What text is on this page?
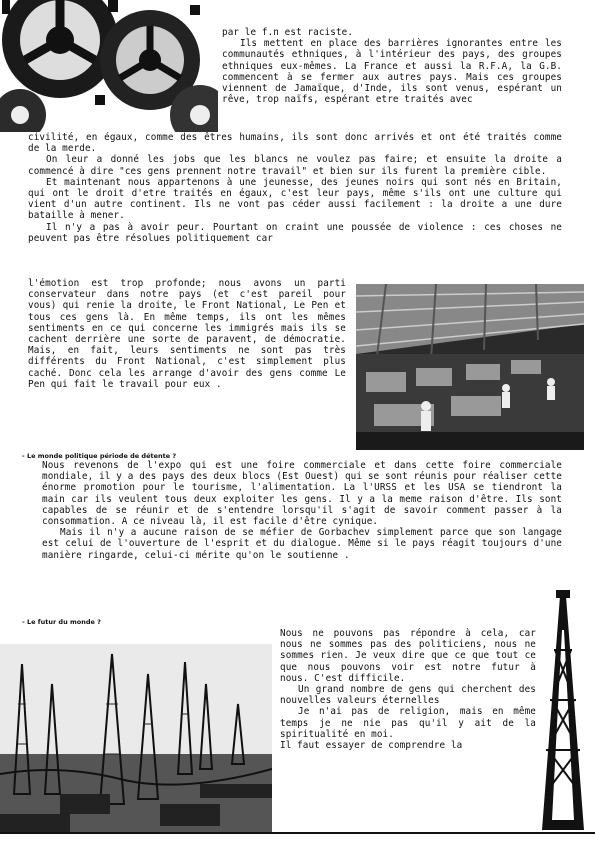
par le f.n est raciste.

Ils mettent en place des barrières ignorantes entre les communautés ethniques, à l'intérieur des pays, des groupes ethniques eux-mêmes. La France et aussi la R.F.A, la G.B. commencent à se fermer aux autres pays. Mais ces groupes viennent de Jamaïque, d'Inde, ils sont venus, espérant un rêve, trop naïfs, espérant etre traités avec

civilité, en égaux, comme des êtres humains, ils sont donc arrivés et ont été traités comme de la merde.

On leur a donné les jobs que les blancs ne voulez pas faire; et ensuite la droite a commencé à dire "ces gens prennent notre travail" et bien sur ils furent la première cible.

Et maintenant nous appartenons à une jeunesse, des jeunes noirs qui sont nés en Britain, qui ont le droit d'etre traités en égaux, c'est leur pays, même s'ils ont une culture qui vient d'un autre continent. Ils ne vont pas céder aussi facilement : la droite a une dure bataille à mener.

Il n'y a pas à avoir peur. Pourtant on craint une poussée de violence : ces choses ne peuvent pas être résolues politiquement car

l'émotion est trop profonde; nous avons un parti conservateur dans notre pays (et c'est pareil pour vous) qui renie la droite, le Front National, Le Pen et tous ces gens là. En même temps, ils ont les mêmes sentiments en ce qui concerne les immigrés mais ils se cachent derrière une sorte de paravent, de démocratie. Mais, en fait, leurs sentiments ne sont pas très différents du Front National, c'est simplement plus caché. Donc cela les arrange d'avoir des gens comme Le Pen qui fait le travail pour eux .

- Le monde politique période de détente ?

Nous revenons de l'expo qui est une foire commerciale et dans cette foire commerciale mondiale, il y a des pays des deux blocs (Est Ouest) qui se sont réunis pour réaliser cette énorme promotion pour le tourisme, l'alimentation. La l'URSS et les USA se tiendront la main car ils veulent tous deux exploiter les gens. Il y a la meme raison d'être. Ils sont capables de se réunir et de s'entendre lorsqu'il s'agit de savoir comment passer à la consommation. A ce niveau là, il est facile d'être cynique.

Mais il n'y a aucune raison de se méfier de Gorbachev simplement parce que son langage est celui de l'ouverture de l'esprit et du dialogue. Même si le pays réagit toujours d'une manière ringarde, celui-ci mérite qu'on le soutienne .

- Le futur du monde ?

Nous ne pouvons pas répondre à cela, car nous ne sommes pas des politiciens, nous ne sommes rien. Je veux dire que ce que tout ce que nous pouvons voir est notre futur à nous. C'est difficile.

Un grand nombre de gens qui cherchent des nouvelles valeurs éternelles

Je n'ai pas de religion, mais en même temps je ne nie pas qu'il y ait de la spiritualité en moi.

Il faut essayer de comprendre la
